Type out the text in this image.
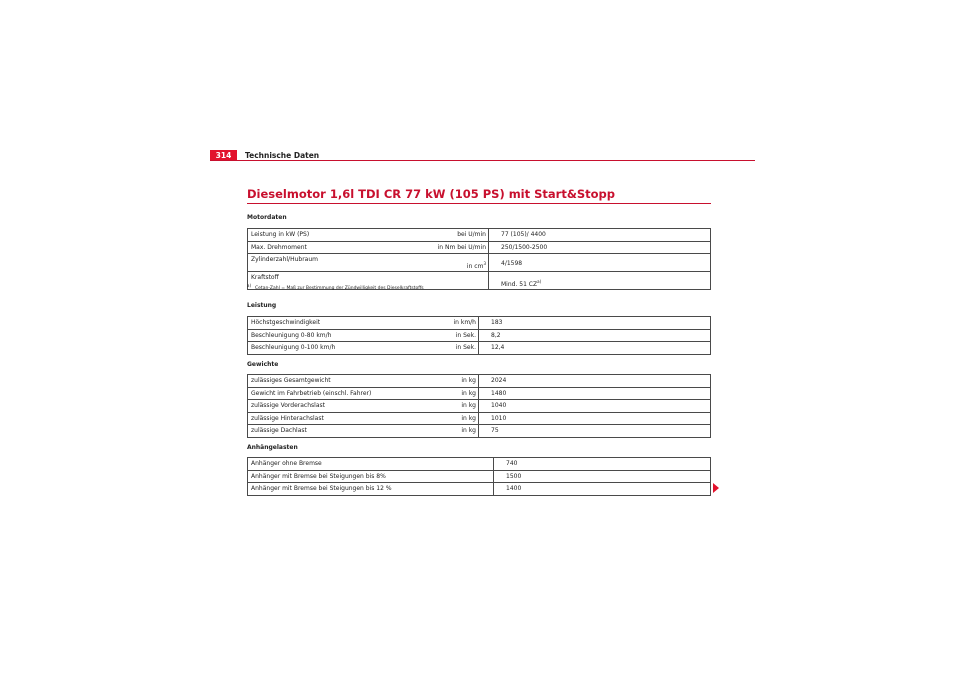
314	Technische Daten
Dieselmotor 1,6l TDI CR 77 kW (105 PS) mit Start&Stopp
Motordaten
Leistung in kW (PS)	bei U/min	77 (105)/ 4400
Max. Drehmoment	in Nm bei U/min	250/1500-2500
Zylinderzahl/Hubraum	in $cm^3$	4/1598
Kraftstoff		Mind. 51 CZ$^{a)}$
$^{a)}$Cetan-Zahl = Maß zur Bestimmung der Zündwilligkeit des Dieselkraftstoffs
Leistung
Höchstgeschwindigkeit	in km/h	183
Beschleunigung 0-80 km/h	in Sek.	8,2
Beschleunigung 0-100 km/h	in Sek.	12,4
Gewichte
zulässiges Gesamtgewicht	in kg	2024
Gewicht im Fahrbetrieb (einschl. Fahrer)	in kg	1480
zulässige Vorderachslast	in kg	1040
zulässige Hinterachslast	in kg	1010
zulässige Dachlast	in kg	75
Anhängelasten
Anhänger ohne Bremse		740
Anhänger mit Bremse bei Steigungen bis 8%		1500
Anhänger mit Bremse bei Steigungen bis 12 %		1400
